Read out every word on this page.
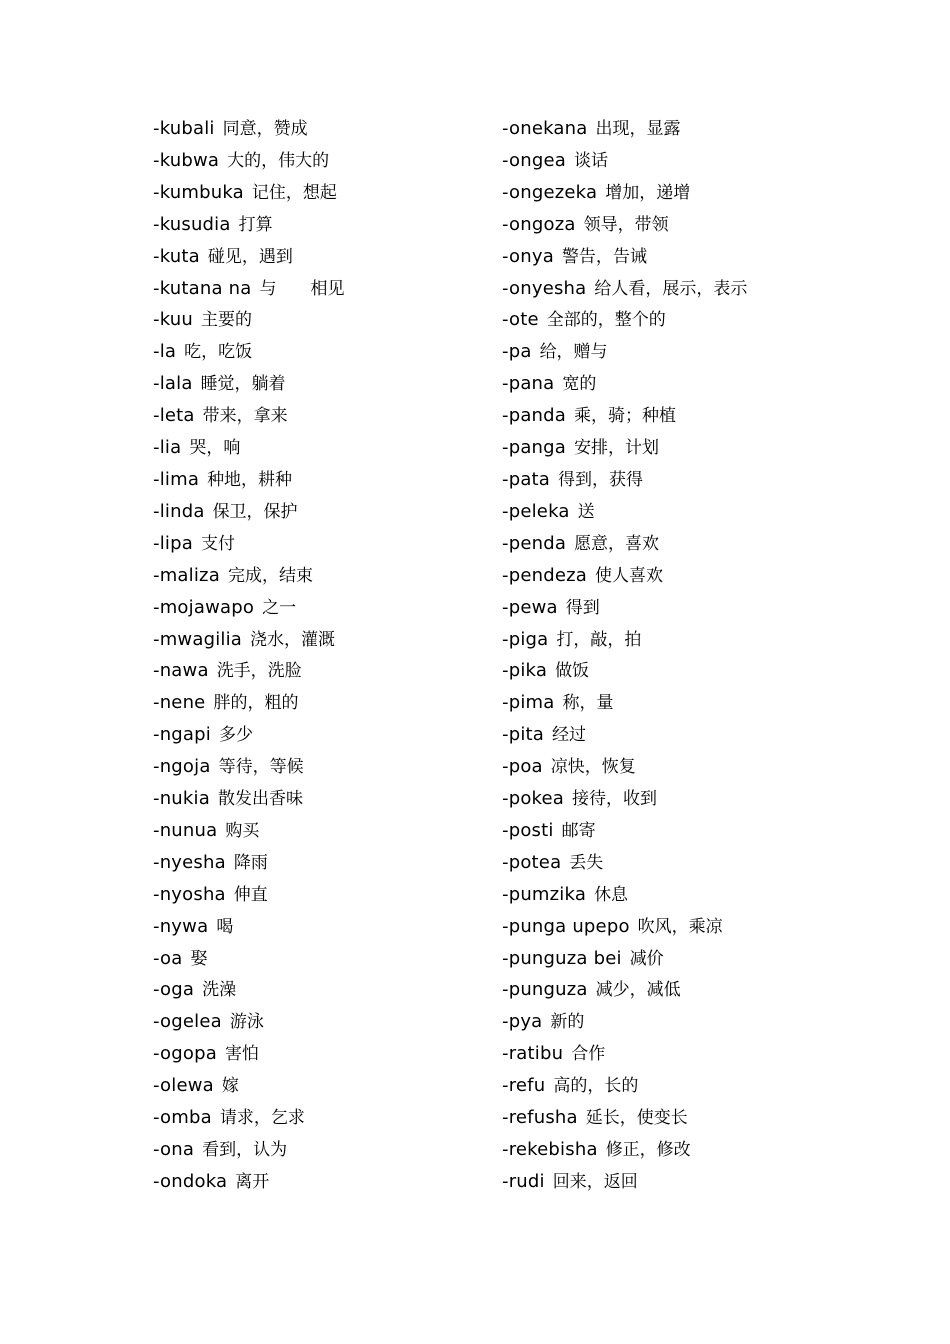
-kubali 同意，赞成
-kubwa 大的，伟大的
-kumbuka 记住，想起
-kusudia 打算
-kuta 碰见，遇到
-kutana na 与　　相见
-kuu 主要的
-la 吃，吃饭
-lala 睡觉，躺着
-leta 带来，拿来
-lia 哭，响
-lima 种地，耕种
-linda 保卫，保护
-lipa 支付
-maliza 完成，结束
-mojawapo 之一
-mwagilia 浇水，灌溉
-nawa 洗手，洗脸
-nene 胖的，粗的
-ngapi 多少
-ngoja 等待，等候
-nukia 散发出香味
-nunua 购买
-nyesha 降雨
-nyosha 伸直
-nywa 喝
-oa 娶
-oga 洗澡
-ogelea 游泳
-ogopa 害怕
-olewa 嫁
-omba 请求，乞求
-ona 看到，认为
-ondoka 离开
-onekana 出现，显露
-ongea 谈话
-ongezeka 增加，递增
-ongoza 领导，带领
-onya 警告，告诫
-onyesha 给人看，展示，表示
-ote 全部的，整个的
-pa 给，赠与
-pana 宽的
-panda 乘，骑；种植
-panga 安排，计划
-pata 得到，获得
-peleka 送
-penda 愿意，喜欢
-pendeza 使人喜欢
-pewa 得到
-piga 打，敲，拍
-pika 做饭
-pima 称，量
-pita 经过
-poa 凉快，恢复
-pokea 接待，收到
-posti 邮寄
-potea 丢失
-pumzika 休息
-punga upepo 吹风，乘凉
-punguza bei 减价
-punguza 减少，减低
-pya 新的
-ratibu 合作
-refu 高的，长的
-refusha 延长，使变长
-rekebisha 修正，修改
-rudi 回来，返回
